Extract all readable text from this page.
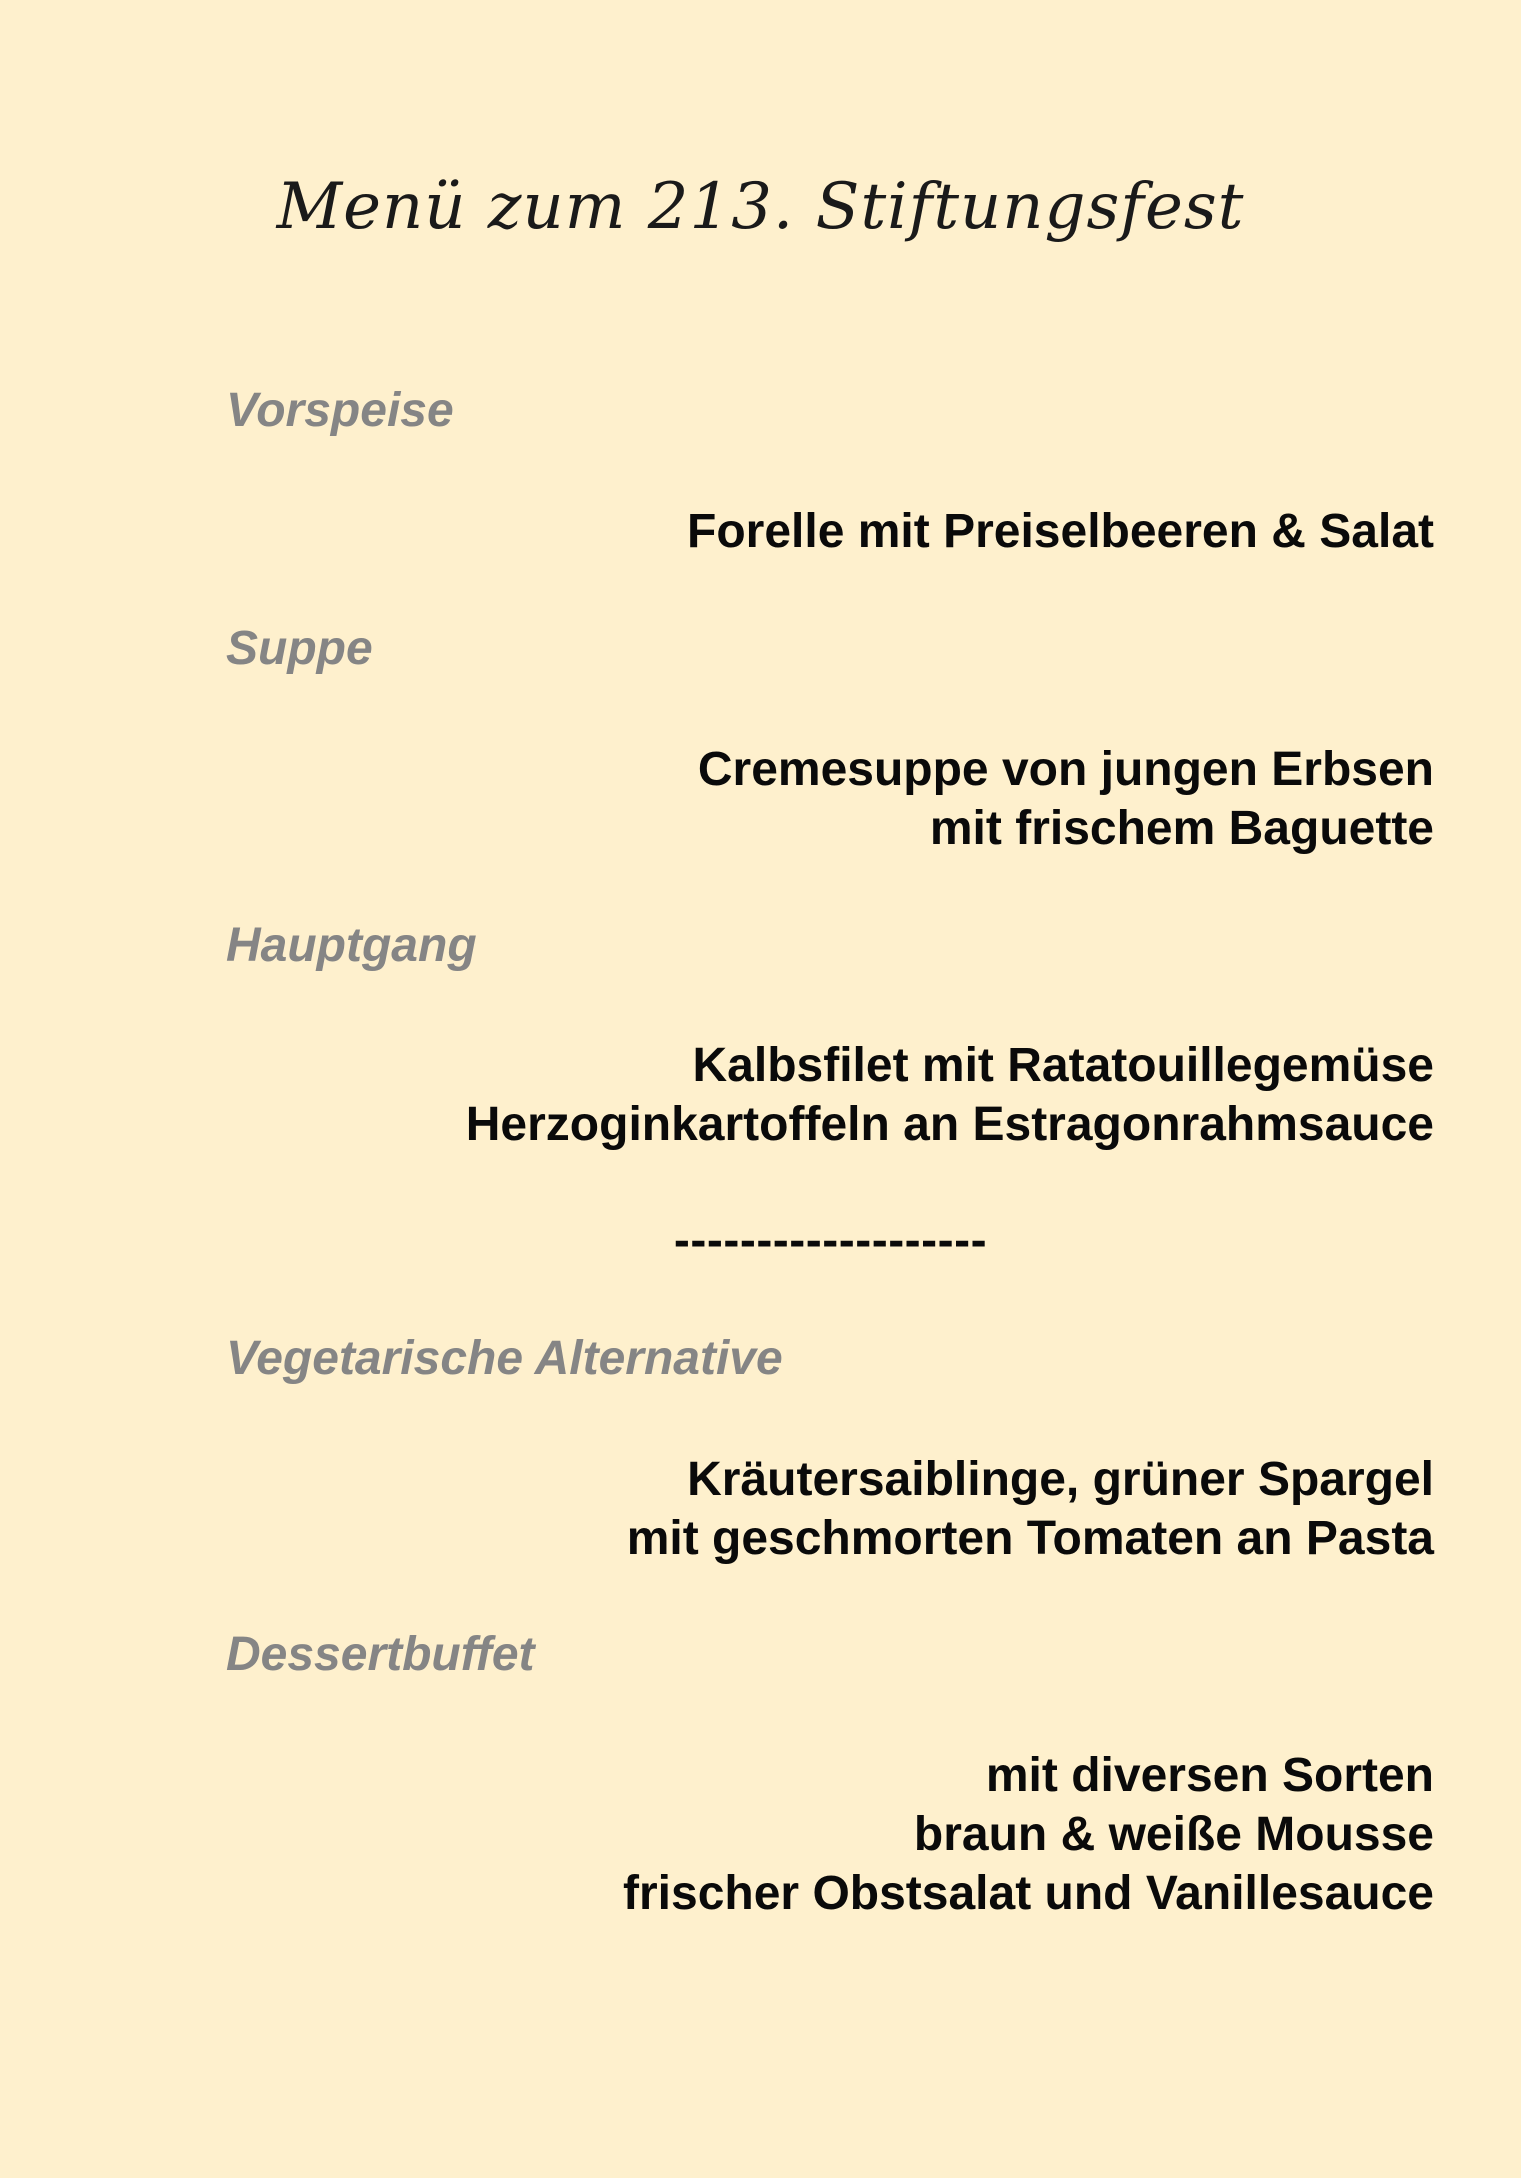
Menü zum 213. Stiftungsfest
Vorspeise
Forelle mit Preiselbeeren & Salat
Suppe
Cremesuppe von jungen Erbsen
mit frischem Baguette
Hauptgang
Kalbsfilet mit Ratatouillegemüse
Herzoginkartoffeln an Estragonrahmsauce
-------------------
Vegetarische Alternative
Kräutersaiblinge, grüner Spargel
mit geschmorten Tomaten an Pasta
Dessertbuffet
mit diversen Sorten
braun & weiße Mousse
frischer Obstsalat und Vanillesauce
